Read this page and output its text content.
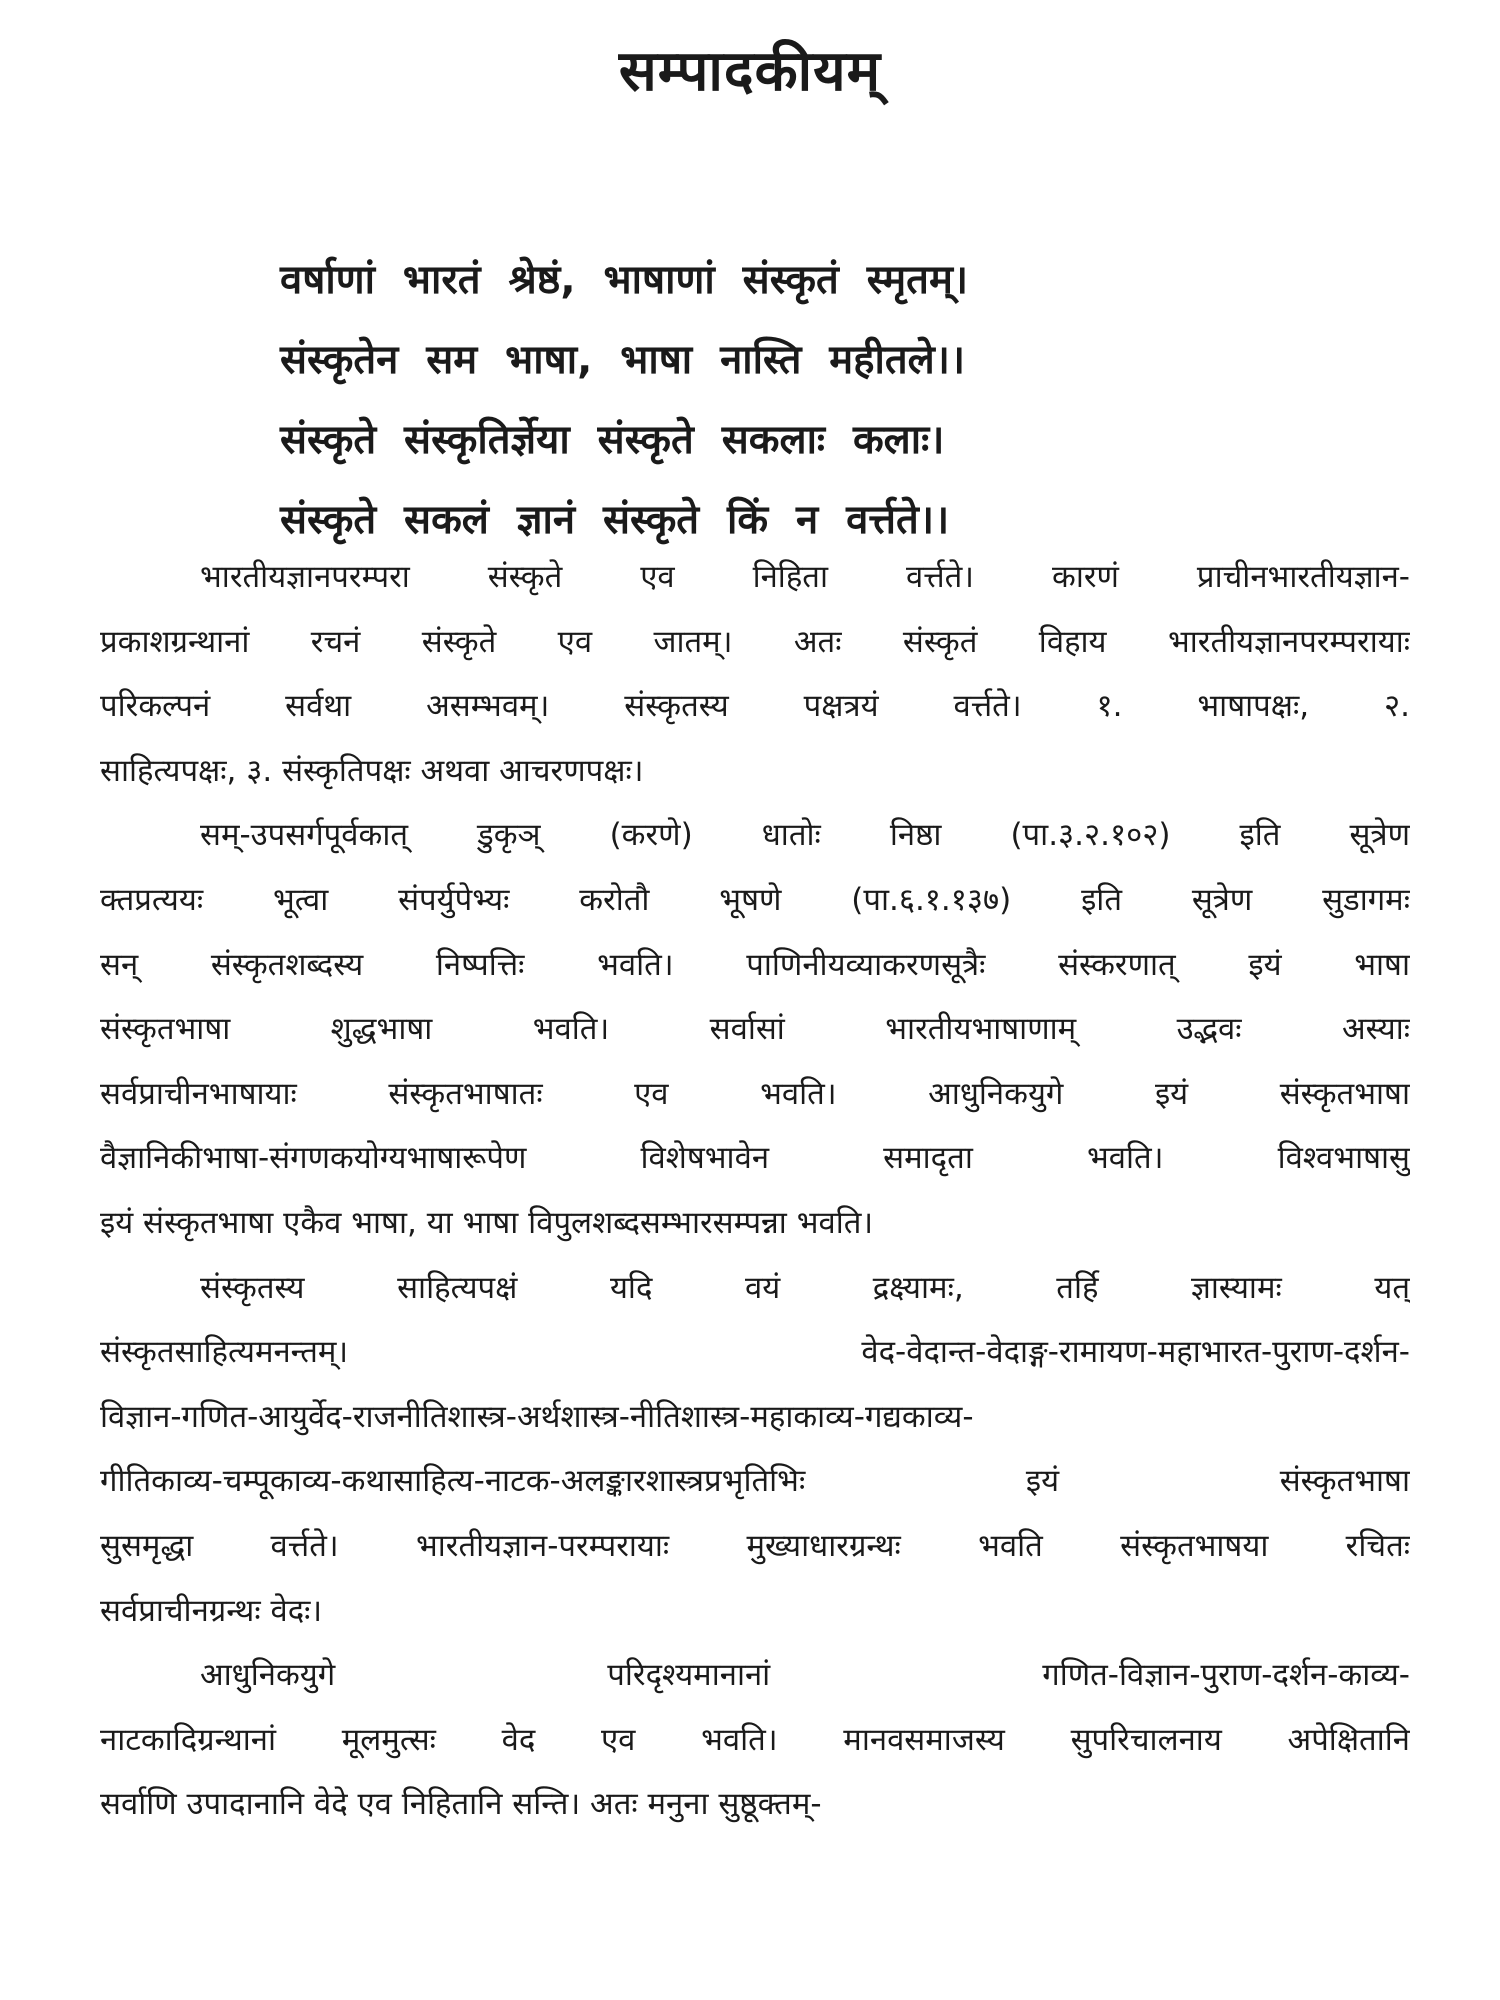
सम्पादकीयम्
वर्षाणां भारतं श्रेष्ठं, भाषाणां संस्कृतं स्मृतम्।
संस्कृतेन सम भाषा, भाषा नास्ति महीतले।।
संस्कृते संस्कृतिर्ज्ञेया संस्कृते सकलाः कलाः।
संस्कृते सकलं ज्ञानं संस्कृते किं न वर्त्तते।।
भारतीयज्ञानपरम्परा संस्कृते एव निहिता वर्त्तते। कारणं प्राचीनभारतीयज्ञान-
प्रकाशग्रन्थानां रचनं संस्कृते एव जातम्। अतः संस्कृतं विहाय भारतीयज्ञानपरम्परायाः
परिकल्पनं सर्वथा असम्भवम्। संस्कृतस्य पक्षत्रयं वर्त्तते। १. भाषापक्षः, २.
साहित्यपक्षः, ३. संस्कृतिपक्षः अथवा आचरणपक्षः।
सम्-उपसर्गपूर्वकात् डुकृञ् (करणे) धातोः निष्ठा (पा.३.२.१०२) इति सूत्रेण
क्तप्रत्ययः भूत्वा संपर्युपेभ्यः करोतौ भूषणे (पा.६.१.१३७) इति सूत्रेण सुडागमः
सन् संस्कृतशब्दस्य निष्पत्तिः भवति। पाणिनीयव्याकरणसूत्रैः संस्करणात् इयं भाषा
संस्कृतभाषा शुद्धभाषा भवति। सर्वासां भारतीयभाषाणाम् उद्भवः अस्याः
सर्वप्राचीनभाषायाः संस्कृतभाषातः एव भवति। आधुनिकयुगे इयं संस्कृतभाषा
वैज्ञानिकीभाषा-संगणकयोग्यभाषारूपेण विशेषभावेन समादृता भवति। विश्वभाषासु
इयं संस्कृतभाषा एकैव भाषा, या भाषा विपुलशब्दसम्भारसम्पन्ना भवति।
संस्कृतस्य साहित्यपक्षं यदि वयं द्रक्ष्यामः, तर्हि ज्ञास्यामः यत्
संस्कृतसाहित्यमनन्तम्। वेद-वेदान्त-वेदाङ्ग-रामायण-महाभारत-पुराण-दर्शन-
विज्ञान-गणित-आयुर्वेद-राजनीतिशास्त्र-अर्थशास्त्र-नीतिशास्त्र-महाकाव्य-गद्यकाव्य-
गीतिकाव्य-चम्पूकाव्य-कथासाहित्य-नाटक-अलङ्कारशास्त्रप्रभृतिभिः इयं संस्कृतभाषा
सुसमृद्धा वर्त्तते। भारतीयज्ञान-परम्परायाः मुख्याधारग्रन्थः भवति संस्कृतभाषया रचितः
सर्वप्राचीनग्रन्थः वेदः।
आधुनिकयुगे परिदृश्यमानानां गणित-विज्ञान-पुराण-दर्शन-काव्य-
नाटकादिग्रन्थानां मूलमुत्सः वेद एव भवति। मानवसमाजस्य सुपरिचालनाय अपेक्षितानि
सर्वाणि उपादानानि वेदे एव निहितानि सन्ति। अतः मनुना सुष्ठूक्तम्-
